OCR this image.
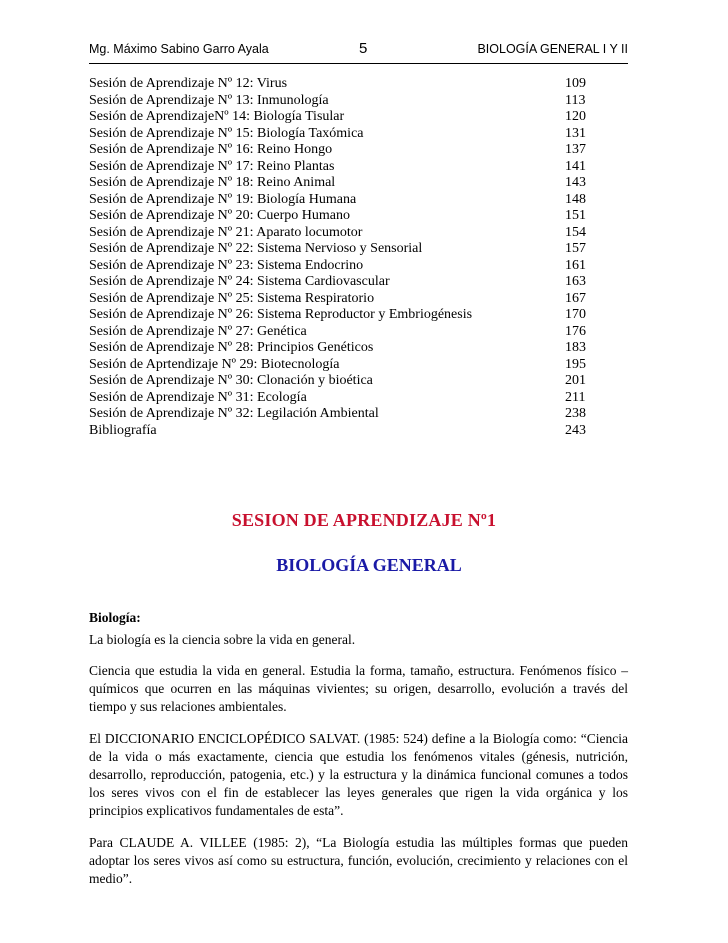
Mg. Máximo Sabino Garro Ayala	5	BIOLOGÍA GENERAL I Y II
Sesión de Aprendizaje Nº 12: Virus	109
Sesión de Aprendizaje Nº 13: Inmunología	113
Sesión de AprendizajeNº 14: Biología Tisular	120
Sesión de Aprendizaje Nº 15: Biología Taxómica	131
Sesión de Aprendizaje Nº 16: Reino Hongo	137
Sesión de Aprendizaje Nº 17: Reino Plantas	141
Sesión de Aprendizaje Nº 18: Reino Animal	143
Sesión de Aprendizaje Nº 19: Biología Humana	148
Sesión de Aprendizaje Nº 20: Cuerpo Humano	151
Sesión de Aprendizaje Nº 21: Aparato locumotor	154
Sesión de Aprendizaje Nº 22: Sistema Nervioso y Sensorial	157
Sesión de Aprendizaje Nº 23: Sistema Endocrino	161
Sesión de Aprendizaje Nº 24: Sistema Cardiovascular	163
Sesión de Aprendizaje Nº 25: Sistema Respiratorio	167
Sesión de Aprendizaje Nº 26: Sistema Reproductor y Embriogénesis	170
Sesión de Aprendizaje Nº 27: Genética	176
Sesión de Aprendizaje Nº 28: Principios Genéticos	183
Sesión de Aprtendizaje Nº 29: Biotecnología	195
Sesión de Aprendizaje Nº 30: Clonación y bioética	201
Sesión de Aprendizaje Nº 31: Ecología	211
Sesión de Aprendizaje Nº 32: Legilación Ambiental	238
Bibliografía	243
SESION DE APRENDIZAJE Nº1
BIOLOGÍA GENERAL
Biología:

La biología es la ciencia sobre la vida en general.

Ciencia que estudia la vida en general. Estudia la forma, tamaño, estructura. Fenómenos físico – químicos que ocurren en las máquinas vivientes; su origen, desarrollo, evolución a través del tiempo y sus relaciones ambientales.

El DICCIONARIO ENCICLOPÉDICO SALVAT. (1985: 524) define a la Biología como: “Ciencia de la vida o más exactamente, ciencia que estudia los fenómenos vitales (génesis, nutrición, desarrollo, reproducción, patogenia, etc.) y la estructura y la dinámica funcional comunes a todos los seres vivos con el fin de establecer las leyes generales que rigen la vida orgánica y los principios explicativos fundamentales de esta”.

Para CLAUDE A. VILLEE (1985: 2), “La Biología estudia las múltiples formas que pueden adoptar los seres vivos así como su estructura, función, evolución, crecimiento y relaciones con el medio”.
